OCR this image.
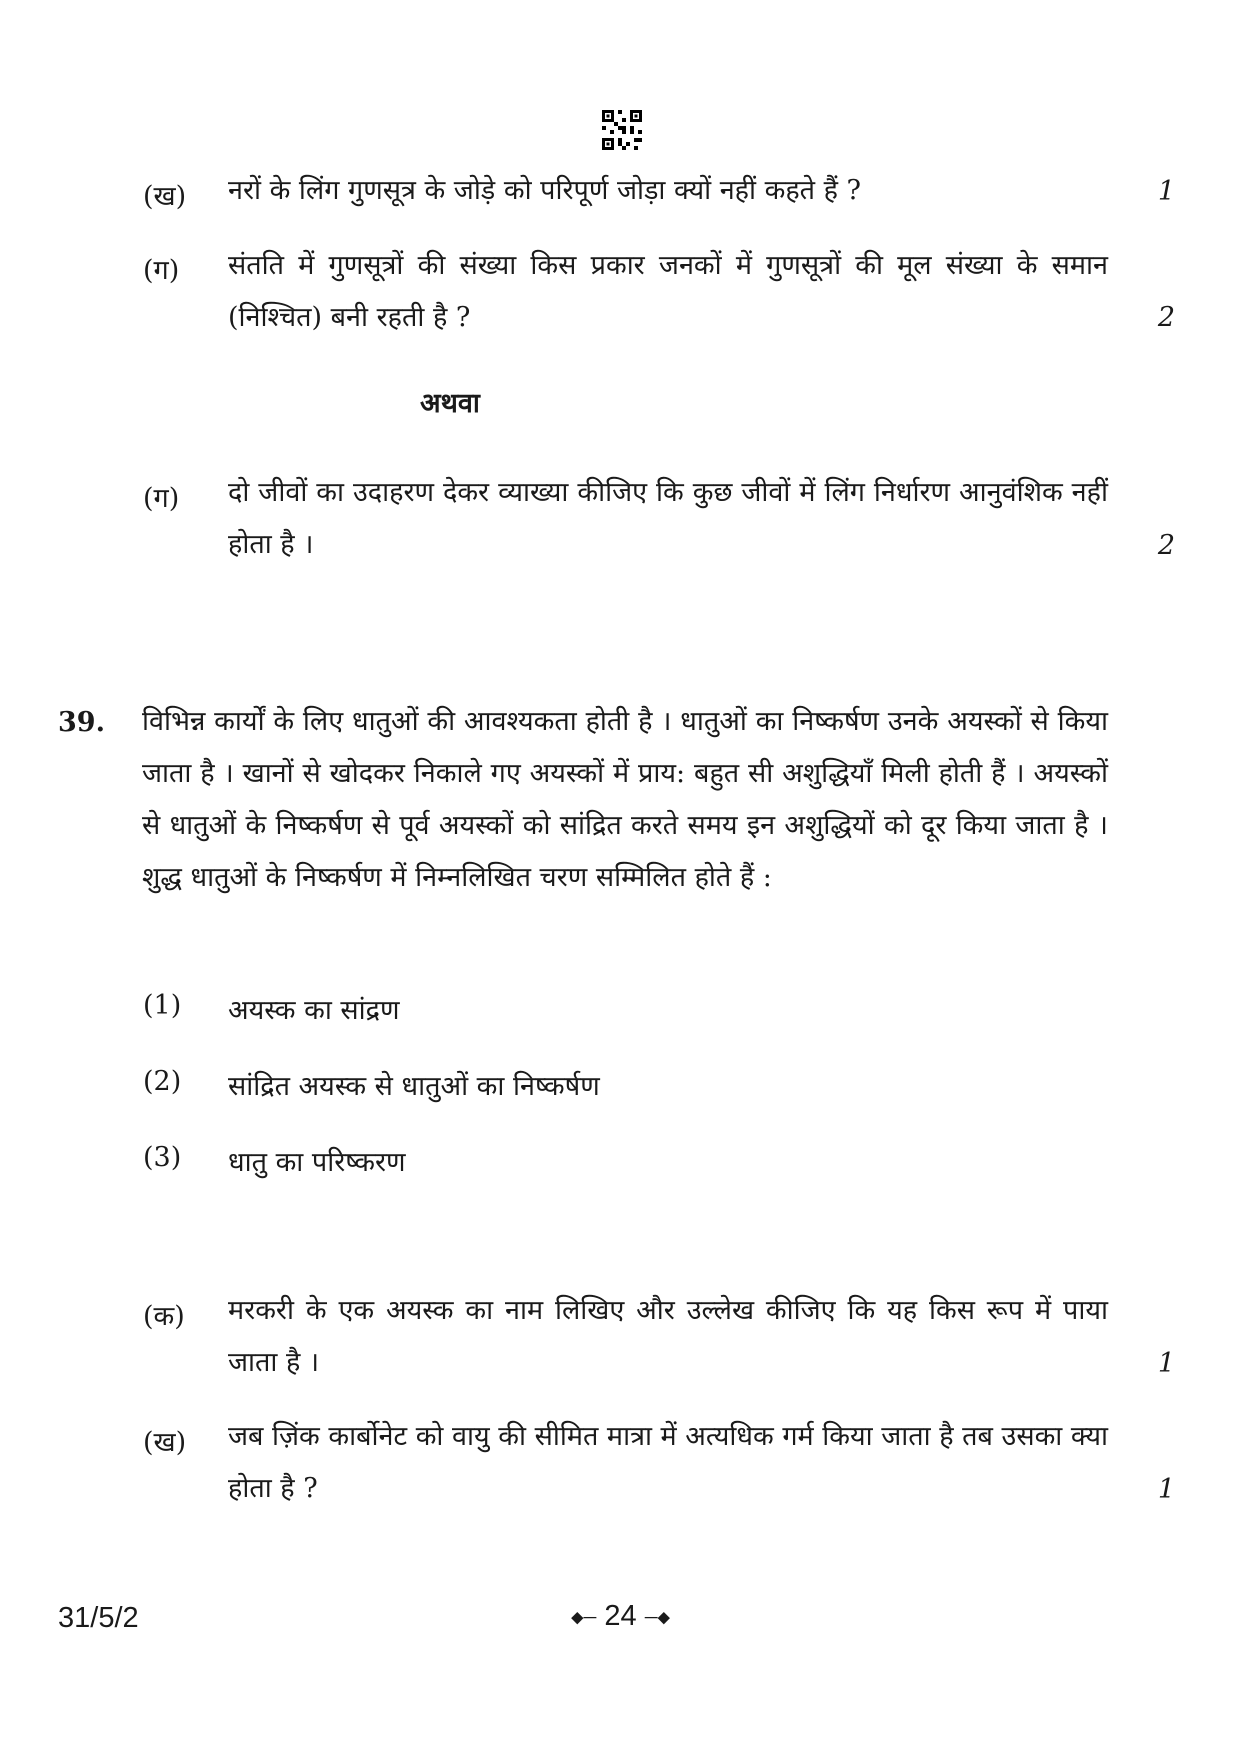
(ख) नरों के लिंग गुणसूत्र के जोड़े को परिपूर्ण जोड़ा क्यों नहीं कहते हैं ?	1
(ग) संतति में गुणसूत्रों की संख्या किस प्रकार जनकों में गुणसूत्रों की मूल संख्या के समान (निश्चित) बनी रहती है ?	2
अथवा
(ग) दो जीवों का उदाहरण देकर व्याख्या कीजिए कि कुछ जीवों में लिंग निर्धारण आनुवंशिक नहीं होता है ।	2
39. विभिन्न कार्यों के लिए धातुओं की आवश्यकता होती है । धातुओं का निष्कर्षण उनके अयस्कों से किया जाता है । खानों से खोदकर निकाले गए अयस्कों में प्राय: बहुत सी अशुद्धियाँ मिली होती हैं । अयस्कों से धातुओं के निष्कर्षण से पूर्व अयस्कों को सांद्रित करते समय इन अशुद्धियों को दूर किया जाता है । शुद्ध धातुओं के निष्कर्षण में निम्नलिखित चरण सम्मिलित होते हैं :
(1) अयस्क का सांद्रण
(2) सांद्रित अयस्क से धातुओं का निष्कर्षण
(3) धातु का परिष्करण
(क) मरकरी के एक अयस्क का नाम लिखिए और उल्लेख कीजिए कि यह किस रूप में पाया जाता है ।	1
(ख) जब ज़िंक कार्बोनेट को वायु की सीमित मात्रा में अत्यधिक गर्म किया जाता है तब उसका क्या होता है ?	1
31/5/2	⬥─ 24 ─⬥
